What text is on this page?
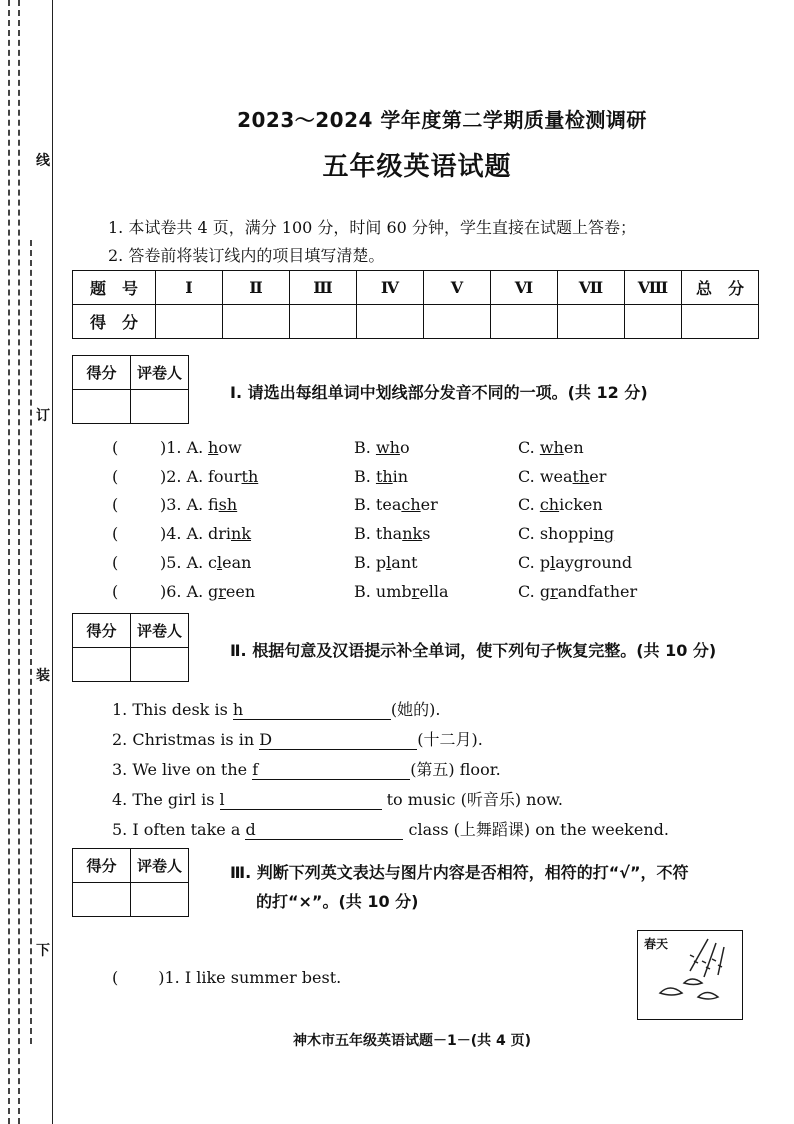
线
订
装
下
2023～2024 学年度第二学期质量检测调研
五年级英语试题
1. 本试卷共 4 页，满分 100 分，时间 60 分钟，学生直接在试题上答卷；
2. 答卷前将装订线内的项目填写清楚。
题　号	Ⅰ	Ⅱ	Ⅲ	Ⅳ	Ⅴ	Ⅵ	Ⅶ	Ⅷ	总　分
得　分									
得分	评卷人

Ⅰ. 请选出每组单词中划线部分发音不同的一项。(共 12 分)
(	)1. A. how	B. who	C. when
(	)2. A. fourth	B. thin	C. weather
(	)3. A. fish	B. teacher	C. chicken
(	)4. A. drink	B. thanks	C. shopping
(	)5. A. clean	B. plant	C. playground
(	)6. A. green	B. umbrella	C. grandfather
得分	评卷人

Ⅱ. 根据句意及汉语提示补全单词，使下列句子恢复完整。(共 10 分)
1. This desk is h	(她的).
2. Christmas is in D	(十二月).
3. We live on the f	(第五) floor.
4. The girl is l	to music (听音乐) now.
5. I often take a d	class (上舞蹈课) on the weekend.
得分	评卷人
		Ⅲ. 判断下列英文表达与图片内容是否相符，相符的打“√”，不符
的打“×”。(共 10 分)
(	)1. I like summer best.
春天
神木市五年级英语试题－1－(共 4 页)
